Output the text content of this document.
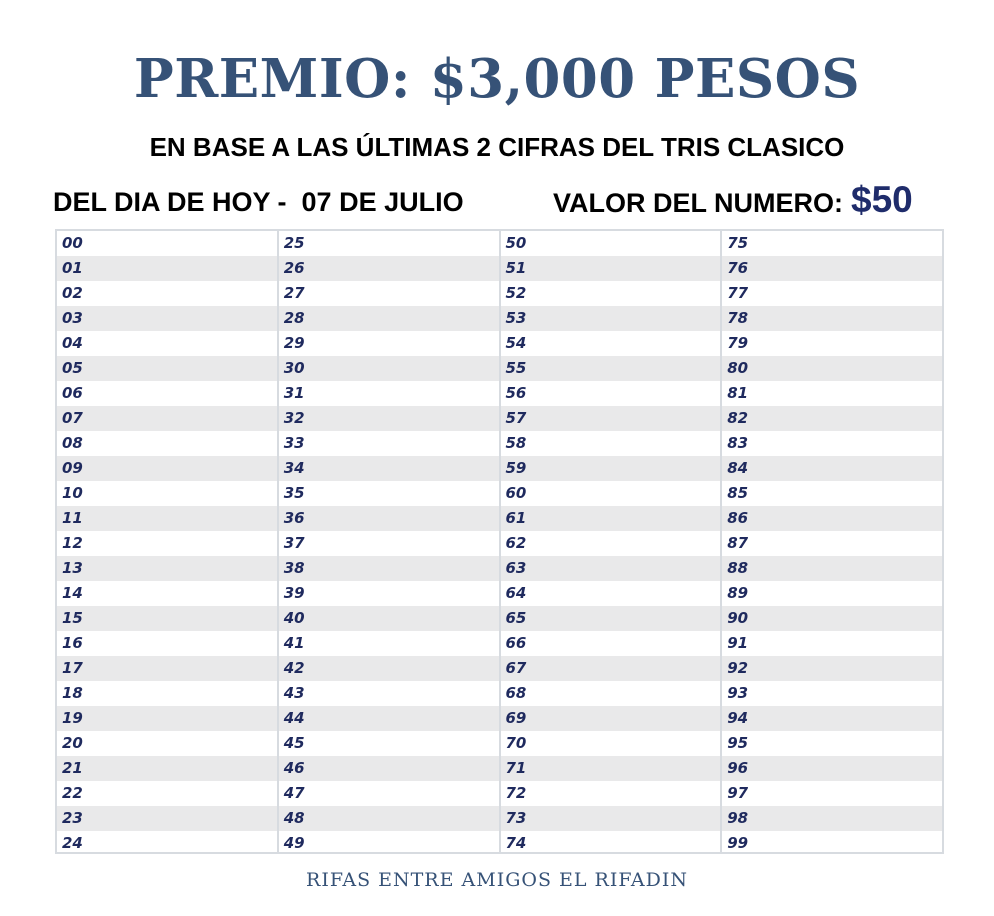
PREMIO: $3,000 PESOS
EN BASE A LAS ÚLTIMAS 2 CIFRAS DEL TRIS CLASICO
DEL DIA DE HOY -  07 DE JULIO	VALOR DEL NUMERO: $50
00
01
02
03
04
05
06
07
08
09
10
11
12
13
14
15
16
17
18
19
20
21
22
23
24
25
26
27
28
29
30
31
32
33
34
35
36
37
38
39
40
41
42
43
44
45
46
47
48
49
50
51
52
53
54
55
56
57
58
59
60
61
62
63
64
65
66
67
68
69
70
71
72
73
74
75
76
77
78
79
80
81
82
83
84
85
86
87
88
89
90
91
92
93
94
95
96
97
98
99
RIFAS ENTRE AMIGOS EL RIFADIN
